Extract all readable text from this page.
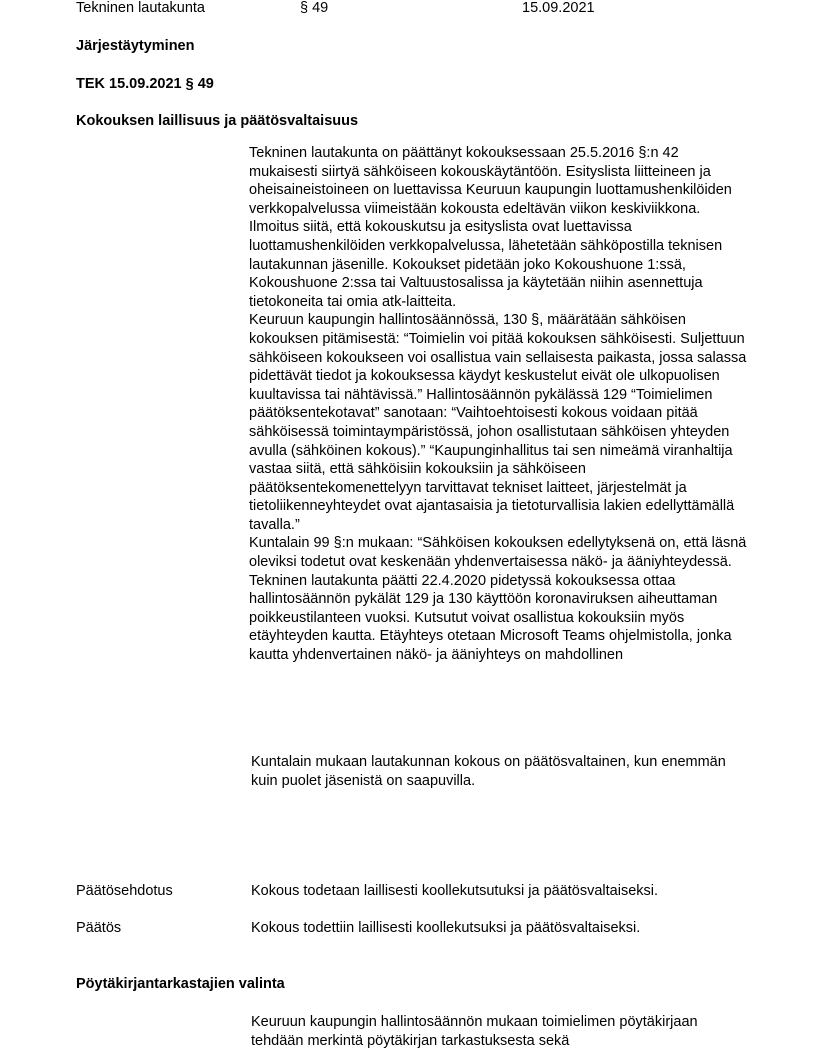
Tekninen lautakunta	§ 49	15.09.2021
Järjestäytyminen
TEK 15.09.2021 § 49
Kokouksen laillisuus ja päätösvaltaisuus
Tekninen lautakunta on päättänyt kokouksessaan 25.5.2016 §:n 42 mukaisesti siirtyä sähköiseen kokouskäytäntöön. Esityslista liitteineen ja oheisaineistoineen on luettavissa Keuruun kaupungin luottamushenkilöiden verkkopalvelussa viimeistään kokousta edeltävän viikon keskiviikkona. Ilmoitus siitä, että kokouskutsu ja esityslista ovat luettavissa luottamushenkilöiden verkkopalvelussa, lähetetään sähköpostilla teknisen lautakunnan jäsenille. Kokoukset pidetään joko Kokoushuone 1:ssä, Kokoushuone 2:ssa tai Valtuustosalissa ja käytetään niihin asennettuja tietokoneita tai omia atk-laitteita.
Keuruun kaupungin hallintosäännössä, 130 §, määrätään sähköisen kokouksen pitämisestä: “Toimielin voi pitää kokouksen sähköisesti. Suljettuun sähköiseen kokoukseen voi osallistua vain sellaisesta paikasta, jossa salassa pidettävät tiedot ja kokouksessa käydyt keskustelut eivät ole ulkopuolisen kuultavissa tai nähtävissä.” Hallintosäännön pykälässä 129 “Toimielimen päätöksentekotavat” sanotaan: “Vaihtoehtoisesti kokous voidaan pitää sähköisessä toimintaympäristössä, johon osallistutaan sähköisen yhteyden avulla (sähköinen kokous).” “Kaupunginhallitus tai sen nimeämä viranhaltija vastaa siitä, että sähköisiin kokouksiin ja sähköiseen päätöksentekomenettelyyn tarvittavat tekniset laitteet, järjestelmät ja tietoliikenneyhteydet ovat ajantasaisia ja tietoturvallisia lakien edellyttämällä tavalla.”
Kuntalain 99 §:n mukaan: “Sähköisen kokouksen edellytyksenä on, että läsnä oleviksi todetut ovat keskenään yhdenvertaisessa näkö- ja ääniyhteydessä.
Tekninen lautakunta päätti 22.4.2020 pidetyssä kokouksessa ottaa hallintosäännön pykälät 129 ja 130 käyttöön koronaviruksen aiheuttaman poikkeustilanteen vuoksi. Kutsutut voivat osallistua kokouksiin myös etäyhteyden kautta. Etäyhteys otetaan Microsoft Teams ohjelmistolla, jonka kautta yhdenvertainen näkö- ja ääniyhteys on mahdollinen
Kuntalain mukaan lautakunnan kokous on päätösvaltainen, kun enemmän kuin puolet jäsenistä on saapuvilla.
Päätösehdotus	Kokous todetaan laillisesti koollekutsutuksi ja päätösvaltaiseksi.
Päätös	Kokous todettiin laillisesti koollekutsuksi ja päätösvaltaiseksi.
Pöytäkirjantarkastajien valinta
Keuruun kaupungin hallintosäännön mukaan toimielimen pöytäkirjaan tehdään merkintä pöytäkirjan tarkastuksesta sekä
